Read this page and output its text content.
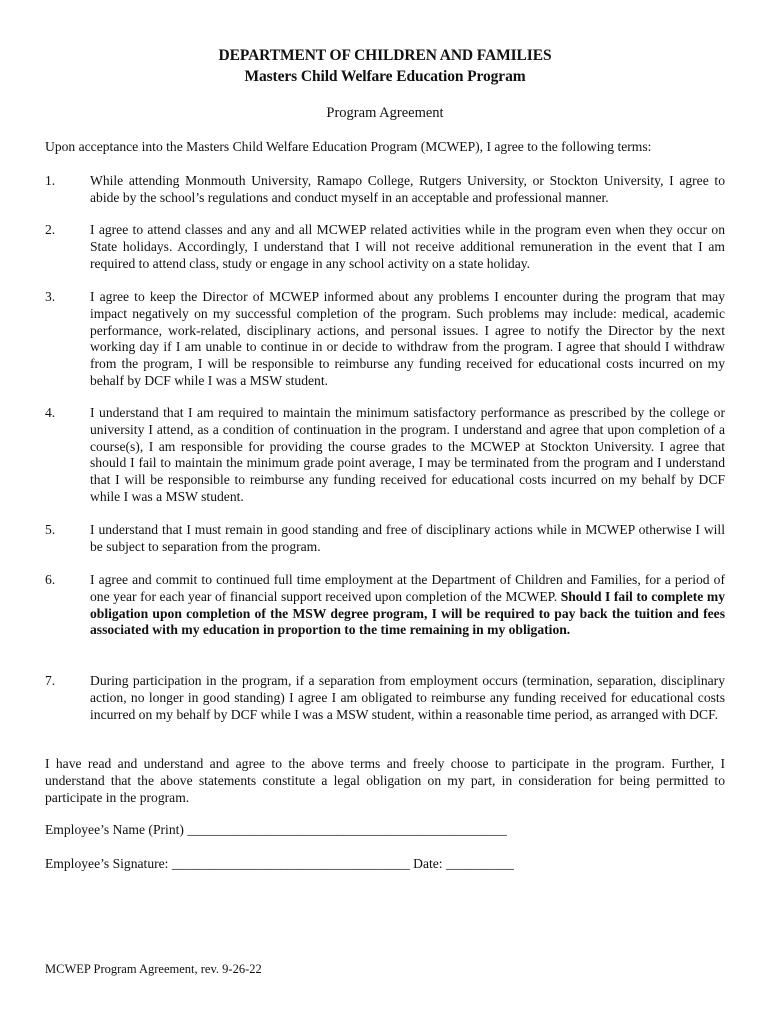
DEPARTMENT OF CHILDREN AND FAMILIES
Masters Child Welfare Education Program
Program Agreement
Upon acceptance into the Masters Child Welfare Education Program (MCWEP), I agree to the following terms:
1.	While attending Monmouth University, Ramapo College, Rutgers University, or Stockton University, I agree to abide by the school’s regulations and conduct myself in an acceptable and professional manner.
2.	I agree to attend classes and any and all MCWEP related activities while in the program even when they occur on State holidays. Accordingly, I understand that I will not receive additional remuneration in the event that I am required to attend class, study or engage in any school activity on a state holiday.
3.	I agree to keep the Director of MCWEP informed about any problems I encounter during the program that may impact negatively on my successful completion of the program. Such problems may include: medical, academic performance, work-related, disciplinary actions, and personal issues. I agree to notify the Director by the next working day if I am unable to continue in or decide to withdraw from the program. I agree that should I withdraw from the program, I will be responsible to reimburse any funding received for educational costs incurred on my behalf by DCF while I was a MSW student.
4.	I understand that I am required to maintain the minimum satisfactory performance as prescribed by the college or university I attend, as a condition of continuation in the program. I understand and agree that upon completion of a course(s), I am responsible for providing the course grades to the MCWEP at Stockton University. I agree that should I fail to maintain the minimum grade point average, I may be terminated from the program and I understand that I will be responsible to reimburse any funding received for educational costs incurred on my behalf by DCF while I was a MSW student.
5.	I understand that I must remain in good standing and free of disciplinary actions while in MCWEP otherwise I will be subject to separation from the program.
6.	I agree and commit to continued full time employment at the Department of Children and Families, for a period of one year for each year of financial support received upon completion of the MCWEP. Should I fail to complete my obligation upon completion of the MSW degree program, I will be required to pay back the tuition and fees associated with my education in proportion to the time remaining in my obligation.
7.	During participation in the program, if a separation from employment occurs (termination, separation, disciplinary action, no longer in good standing) I agree I am obligated to reimburse any funding received for educational costs incurred on my behalf by DCF while I was a MSW student, within a reasonable time period, as arranged with DCF.
I have read and understand and agree to the above terms and freely choose to participate in the program. Further, I understand that the above statements constitute a legal obligation on my part, in consideration for being permitted to participate in the program.
Employee’s Name (Print) _______________________________________________
Employee’s Signature: ___________________________________ Date: __________
MCWEP Program Agreement, rev. 9-26-22
